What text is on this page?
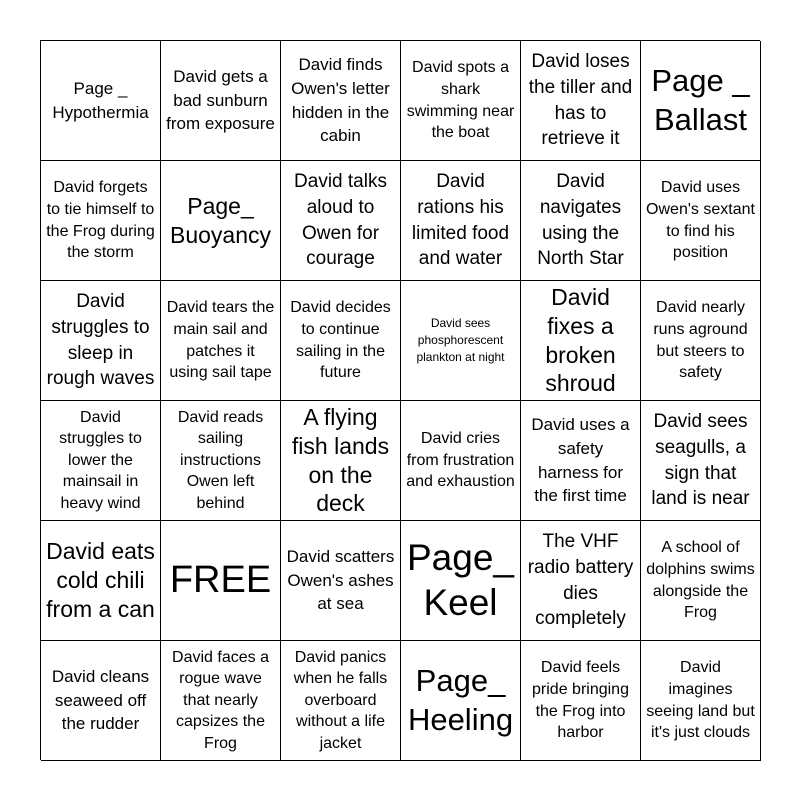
Page _ Hypothermia
David gets a bad sunburn from exposure
David finds Owen's letter hidden in the cabin
David spots a shark swimming near the boat
David loses the tiller and has to retrieve it
Page _ Ballast
David forgets to tie himself to the Frog during the storm
Page_ Buoyancy
David talks aloud to Owen for courage
David rations his limited food and water
David navigates using the North Star
David uses Owen's sextant to find his position
David struggles to sleep in rough waves
David tears the main sail and patches it using sail tape
David decides to continue sailing in the future
David sees phosphorescent plankton at night
David fixes a broken shroud
David nearly runs aground but steers to safety
David struggles to lower the mainsail in heavy wind
David reads sailing instructions Owen left behind
A flying fish lands on the deck
David cries from frustration and exhaustion
David uses a safety harness for the first time
David sees seagulls, a sign that land is near
David eats cold chili from a can
FREE
David scatters Owen's ashes at sea
Page_ Keel
The VHF radio battery dies completely
A school of dolphins swims alongside the Frog
David cleans seaweed off the rudder
David faces a rogue wave that nearly capsizes the Frog
David panics when he falls overboard without a life jacket
Page_ Heeling
David feels pride bringing the Frog into harbor
David imagines seeing land but it's just clouds
